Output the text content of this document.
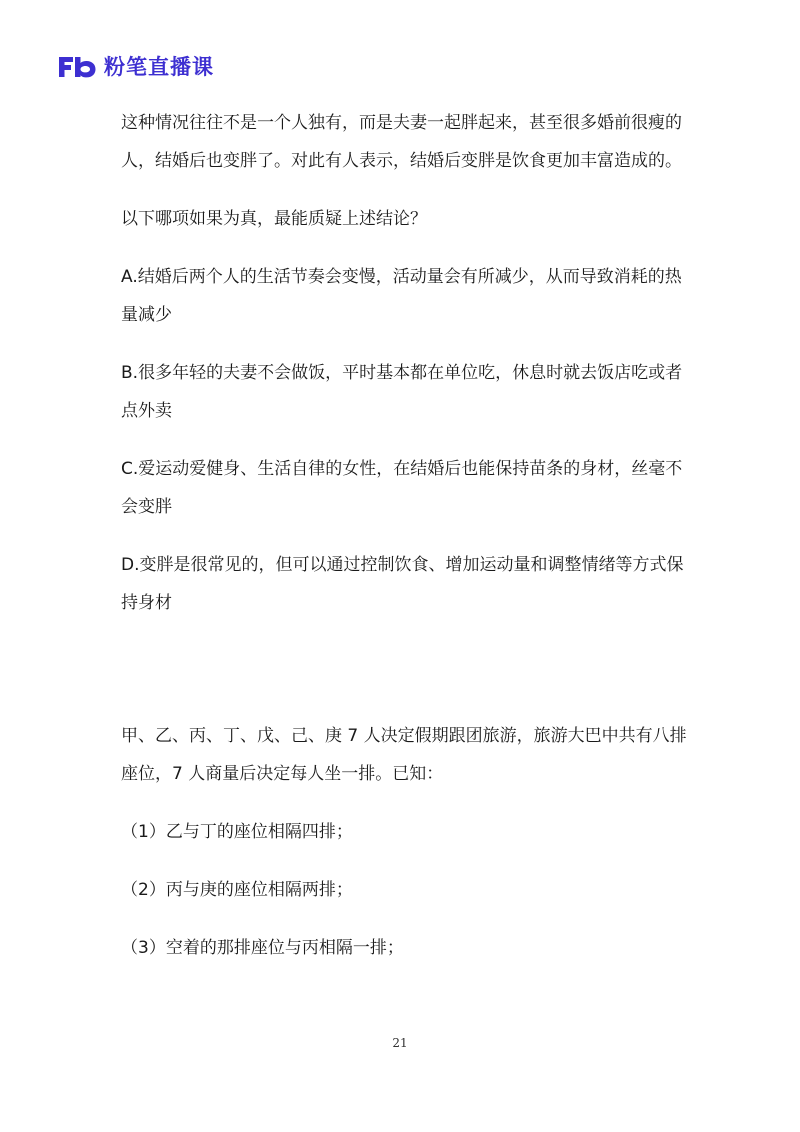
粉笔直播课

这种情况往往不是一个人独有，而是夫妻一起胖起来，甚至很多婚前很瘦的人，结婚后也变胖了。对此有人表示，结婚后变胖是饮食更加丰富造成的。

以下哪项如果为真，最能质疑上述结论？

A.结婚后两个人的生活节奏会变慢，活动量会有所减少，从而导致消耗的热量减少

B.很多年轻的夫妻不会做饭，平时基本都在单位吃，休息时就去饭店吃或者点外卖

C.爱运动爱健身、生活自律的女性，在结婚后也能保持苗条的身材，丝毫不会变胖

D.变胖是很常见的，但可以通过控制饮食、增加运动量和调整情绪等方式保持身材

甲、乙、丙、丁、戊、己、庚 7 人决定假期跟团旅游，旅游大巴中共有八排座位，7 人商量后决定每人坐一排。已知：

（1）乙与丁的座位相隔四排；

（2）丙与庚的座位相隔两排；

（3）空着的那排座位与丙相隔一排；

21
